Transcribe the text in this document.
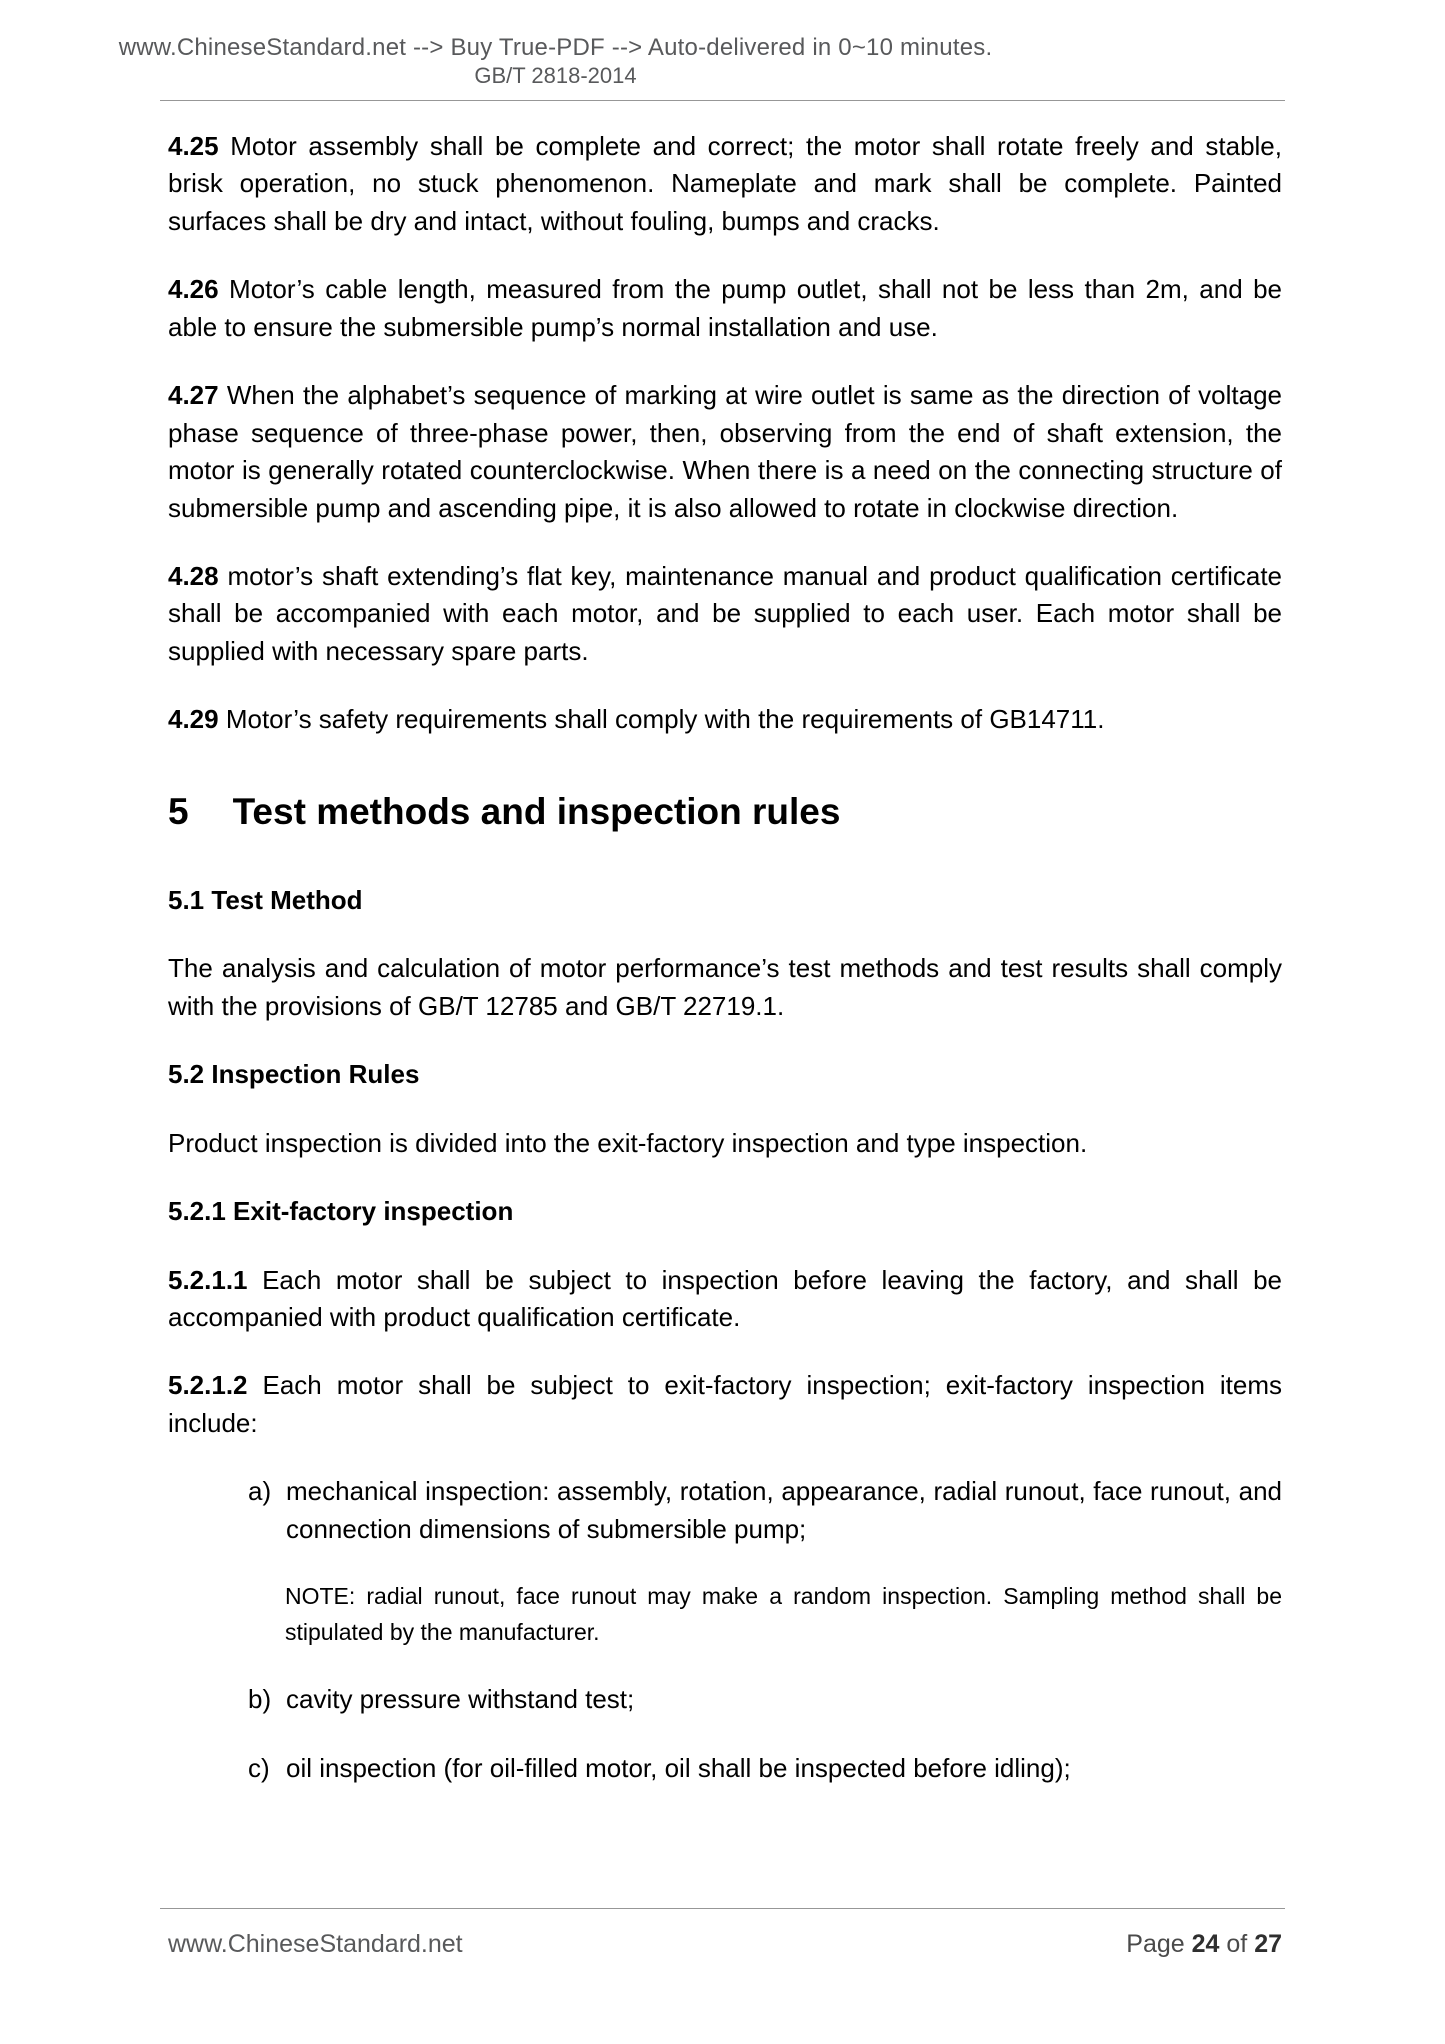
www.ChineseStandard.net --> Buy True-PDF --> Auto-delivered in 0~10 minutes.
GB/T 2818-2014

4.25 Motor assembly shall be complete and correct; the motor shall rotate freely and stable, brisk operation, no stuck phenomenon. Nameplate and mark shall be complete. Painted surfaces shall be dry and intact, without fouling, bumps and cracks.

4.26 Motor’s cable length, measured from the pump outlet, shall not be less than 2m, and be able to ensure the submersible pump’s normal installation and use.

4.27 When the alphabet’s sequence of marking at wire outlet is same as the direction of voltage phase sequence of three-phase power, then, observing from the end of shaft extension, the motor is generally rotated counterclockwise. When there is a need on the connecting structure of submersible pump and ascending pipe, it is also allowed to rotate in clockwise direction.

4.28 motor’s shaft extending’s flat key, maintenance manual and product qualification certificate shall be accompanied with each motor, and be supplied to each user. Each motor shall be supplied with necessary spare parts.

4.29 Motor’s safety requirements shall comply with the requirements of GB14711.

5 Test methods and inspection rules
5.1 Test Method

The analysis and calculation of motor performance’s test methods and test results shall comply with the provisions of GB/T 12785 and GB/T 22719.1.

5.2 Inspection Rules

Product inspection is divided into the exit-factory inspection and type inspection.

5.2.1 Exit-factory inspection

5.2.1.1 Each motor shall be subject to inspection before leaving the factory, and shall be accompanied with product qualification certificate.

5.2.1.2 Each motor shall be subject to exit-factory inspection; exit-factory inspection items include:

a) mechanical inspection: assembly, rotation, appearance, radial runout, face runout, and connection dimensions of submersible pump;

NOTE: radial runout, face runout may make a random inspection. Sampling method shall be stipulated by the manufacturer.

b) cavity pressure withstand test;
c) oil inspection (for oil-filled motor, oil shall be inspected before idling);
www.ChineseStandard.net	Page 24 of 27
